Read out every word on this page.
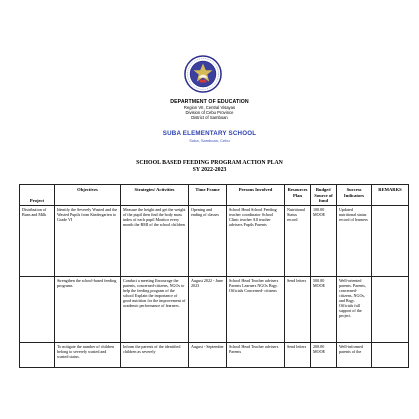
DEPARTMENT OF EDUCATION
Region VII, Central Visayas
Division of Cebu Province
District of Samboan
SUBA ELEMENTARY SCHOOL
Suba, Samboan, Cebu
SCHOOL BASED FEEDING PROGRAM ACTION PLAN
SY 2022-2023
Project	Objectives	Strategies/ Activities	Time Frame	Persons Involved	Resources Plan	Budget/ Source of fund	Success Indicators	REMARKS
Distribution of Buns and Milk	Identify the Severely Wasted and the Wasted Pupils from Kindergarten to Grade VI	Measure the height and get the weight of the pupil then find the body mass index of each pupil Monitor every month the BMI of the school children	Opening and ending of classes	School Head School Feeding teacher coordinator School Clinic teacher All teacher advisers Pupils Parents	Nutritional Status record	100.00 MOOE	Updated nutritional status record of learners	
	Strengthen the school-based feeding programs	Conduct a meeting Encourage the parents, concerned-citizens, NGOs to help the feeding program of the school Explain the importance of good nutrition for the improvement of academic performance of learners.	August 2022 - June 2023	School Head Teacher advisers Parents Learners NGOs Brgy. Officials Concerned- citizens	Send letters	500.00 MOOE	Well-oriented parents. Parents, concerned-citizens, NGOs, and Brgy. Officials full support of the project.	
	To mitigate the number of children belong to severely wasted and wasted status.	Inform the parents of the identified children as severely	August - September	School Head Teacher advisers Parents	Send letters	200.00 MOOE	Well-informed parents of the	
